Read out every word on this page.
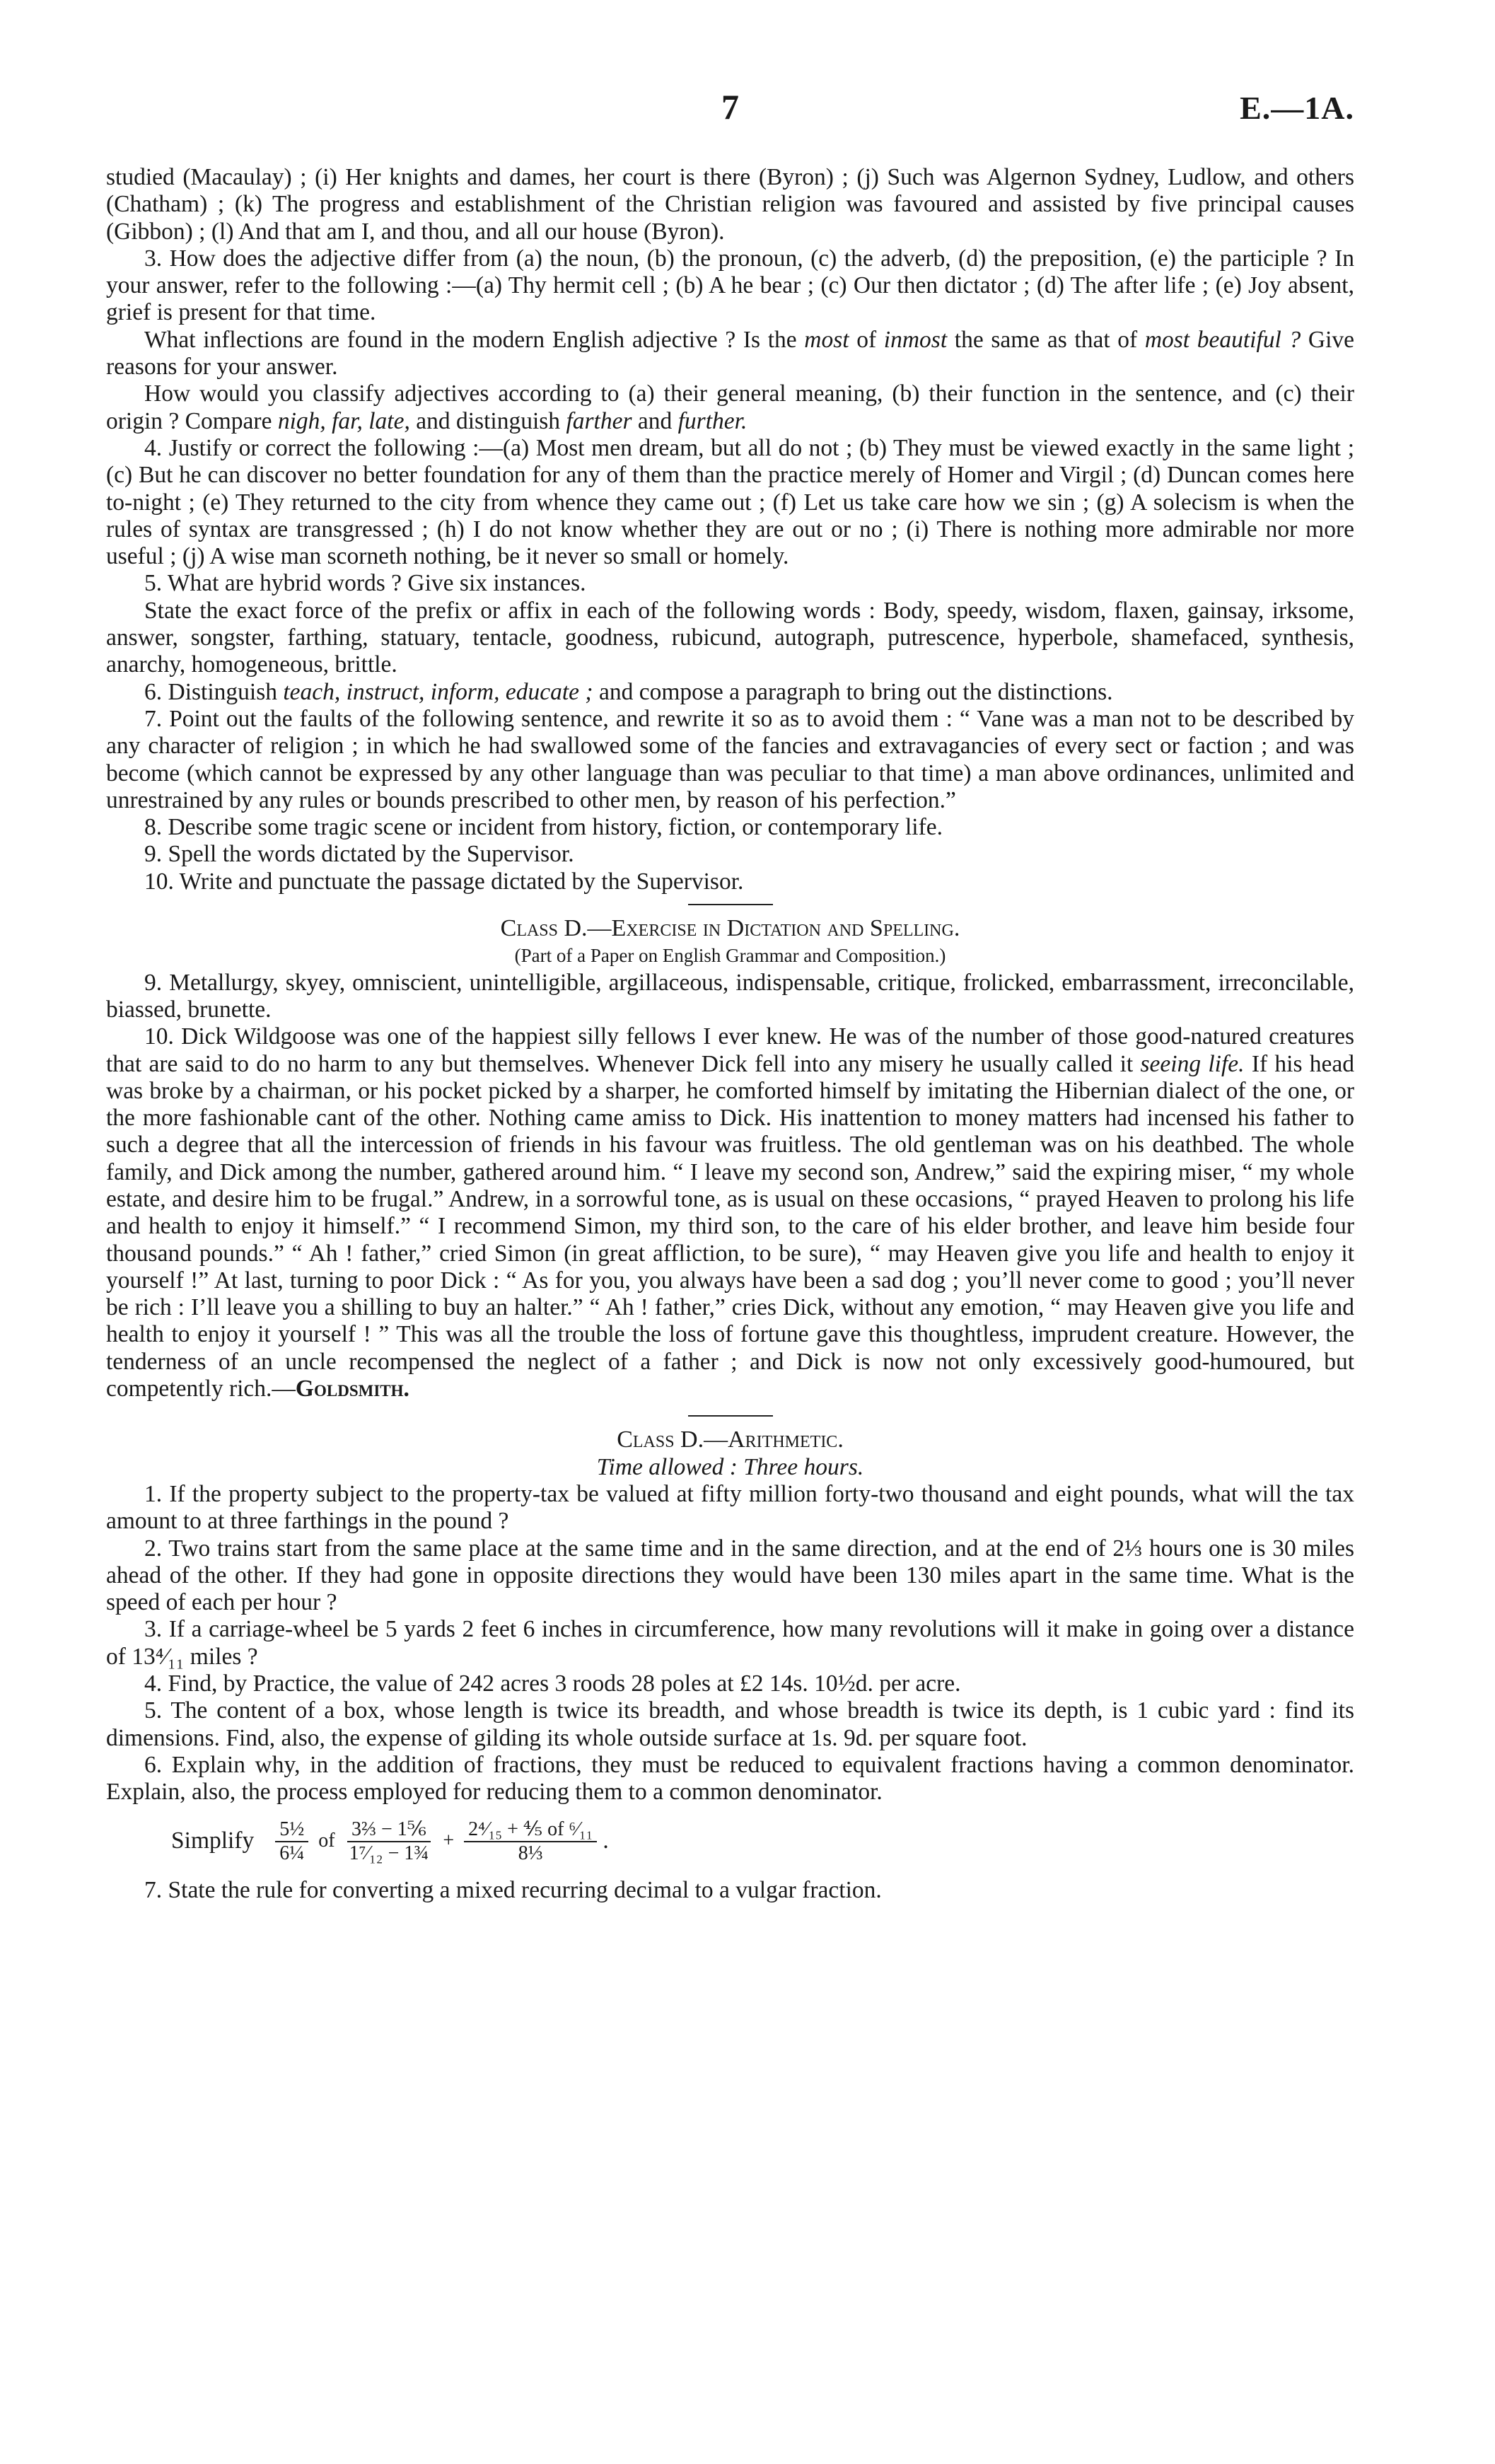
7	E.—1A.

studied (Macaulay) ; (i) Her knights and dames, her court is there (Byron) ; (j) Such was Algernon Sydney, Ludlow, and others (Chatham) ; (k) The progress and establishment of the Christian religion was favoured and assisted by five principal causes (Gibbon) ; (l) And that am I, and thou, and all our house (Byron).

3. How does the adjective differ from (a) the noun, (b) the pronoun, (c) the adverb, (d) the preposition, (e) the participle ? In your answer, refer to the following :—(a) Thy hermit cell ; (b) A he bear ; (c) Our then dictator ; (d) The after life ; (e) Joy absent, grief is present for that time.

What inflections are found in the modern English adjective ? Is the most of inmost the same as that of most beautiful ? Give reasons for your answer.

How would you classify adjectives according to (a) their general meaning, (b) their function in the sentence, and (c) their origin ? Compare nigh, far, late, and distinguish farther and further.

4. Justify or correct the following :—(a) Most men dream, but all do not ; (b) They must be viewed exactly in the same light ; (c) But he can discover no better foundation for any of them than the practice merely of Homer and Virgil ; (d) Duncan comes here to-night ; (e) They returned to the city from whence they came out ; (f) Let us take care how we sin ; (g) A solecism is when the rules of syntax are transgressed ; (h) I do not know whether they are out or no ; (i) There is nothing more admirable nor more useful ; (j) A wise man scorneth nothing, be it never so small or homely.

5. What are hybrid words ? Give six instances.

State the exact force of the prefix or affix in each of the following words : Body, speedy, wisdom, flaxen, gainsay, irksome, answer, songster, farthing, statuary, tentacle, goodness, rubicund, autograph, putrescence, hyperbole, shamefaced, synthesis, anarchy, homogeneous, brittle.

6. Distinguish teach, instruct, inform, educate ; and compose a paragraph to bring out the distinctions.

7. Point out the faults of the following sentence, and rewrite it so as to avoid them : “ Vane was a man not to be described by any character of religion ; in which he had swallowed some of the fancies and extravagancies of every sect or faction ; and was become (which cannot be expressed by any other language than was peculiar to that time) a man above ordinances, unlimited and unrestrained by any rules or bounds prescribed to other men, by reason of his perfection.”

8. Describe some tragic scene or incident from history, fiction, or contemporary life.

9. Spell the words dictated by the Supervisor.

10. Write and punctuate the passage dictated by the Supervisor.

Class D.—Exercise in Dictation and Spelling.

(Part of a Paper on English Grammar and Composition.)

9. Metallurgy, skyey, omniscient, unintelligible, argillaceous, indispensable, critique, frolicked, embarrassment, irreconcilable, biassed, brunette.

10. Dick Wildgoose was one of the happiest silly fellows I ever knew. He was of the number of those good-natured creatures that are said to do no harm to any but themselves. Whenever Dick fell into any misery he usually called it seeing life. If his head was broke by a chairman, or his pocket picked by a sharper, he comforted himself by imitating the Hibernian dialect of the one, or the more fashionable cant of the other. Nothing came amiss to Dick. His inattention to money matters had incensed his father to such a degree that all the intercession of friends in his favour was fruitless. The old gentleman was on his deathbed. The whole family, and Dick among the number, gathered around him. “ I leave my second son, Andrew,” said the expiring miser, “ my whole estate, and desire him to be frugal.” Andrew, in a sorrowful tone, as is usual on these occasions, “ prayed Heaven to prolong his life and health to enjoy it himself.” “ I recommend Simon, my third son, to the care of his elder brother, and leave him beside four thousand pounds.” “ Ah ! father,” cried Simon (in great affliction, to be sure), “ may Heaven give you life and health to enjoy it yourself !” At last, turning to poor Dick : “ As for you, you always have been a sad dog ; you’ll never come to good ; you’ll never be rich : I’ll leave you a shilling to buy an halter.” “ Ah ! father,” cries Dick, without any emotion, “ may Heaven give you life and health to enjoy it yourself ! ” This was all the trouble the loss of fortune gave this thoughtless, imprudent creature. However, the tenderness of an uncle recompensed the neglect of a father ; and Dick is now not only excessively good-humoured, but competently rich.—Goldsmith.

Class D.—Arithmetic.

Time allowed : Three hours.

1. If the property subject to the property-tax be valued at fifty million forty-two thousand and eight pounds, what will the tax amount to at three farthings in the pound ?

2. Two trains start from the same place at the same time and in the same direction, and at the end of 2⅓ hours one is 30 miles ahead of the other. If they had gone in opposite directions they would have been 130 miles apart in the same time. What is the speed of each per hour ?

3. If a carriage-wheel be 5 yards 2 feet 6 inches in circumference, how many revolutions will it make in going over a distance of 13⁴⁄₁₁ miles ?

4. Find, by Practice, the value of 242 acres 3 roods 28 poles at £2 14s. 10½d. per acre.

5. The content of a box, whose length is twice its breadth, and whose breadth is twice its depth, is 1 cubic yard : find its dimensions. Find, also, the expense of gilding its whole outside surface at 1s. 9d. per square foot.

6. Explain why, in the addition of fractions, they must be reduced to equivalent fractions having a common denominator. Explain, also, the process employed for reducing them to a common denominator.

Simplify $\frac{\text{5½}}{\text{6¼}}$ of $\frac{\text{3⅔ − 1⅚}}{\text{1⁷⁄₁₂ − 1¾}} + \frac{\text{2⁴⁄₁₅ + ⅘ of ⁶⁄₁₁}}{\text{8⅓}}$ .

7. State the rule for converting a mixed recurring decimal to a vulgar fraction.
